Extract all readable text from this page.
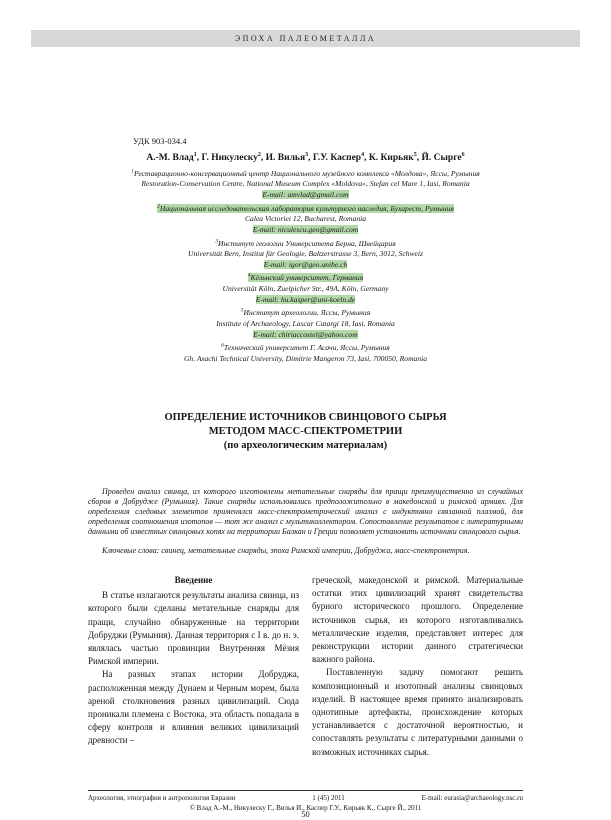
ЭПОХА ПАЛЕОМЕТАЛЛА
УДК 903-034.4
А.-М. Влад$^1$, Г. Никулеску$^2$, И. Вилья$^3$, Г.У. Каспер$^4$, К. Кирьяк$^5$, Й. Сырге$^6$
$^1$Реставрационно-консервационный центр Национального музейного комплекса «Молдова», Яссы, Румыния
Restoration-Conservation Centre, National Museum Complex «Moldova», Stefan cel Mare 1, Iasi, Romania
E-mail: amvlad@gmail.com
$^2$Национальная исследовательская лаборатория культурного наследия, Бухарест, Румыния
Calea Victoriei 12, Bucharest, Romania
E-mail: niculescu.geo@gmail.com
$^3$Институт геологии Университета Берна, Швейцария
Universität Bern, Institut für Geologie, Baltzerstrasse 3, Bern, 3012, Schweiz
E-mail: igor@geo.unibe.ch
$^4$Кёльнский университет, Германия
Universität Köln, Zuelpicher Str., 49A, Köln, Germany
E-mail: hu.kasper@uni-koeln.de
$^5$Институт археологии, Яссы, Румыния
Institute of Archaeology, Lascar Catargi 18, Iasi, Romania
E-mail: chiriaccostel@yahoo.com
$^6$Технический университет Г. Асачи, Яссы, Румыния
Gh. Asachi Technical University, Dimitrie Mangeron 73, Iasi, 700050, Romania
ОПРЕДЕЛЕНИЕ ИСТОЧНИКОВ СВИНЦОВОГО СЫРЬЯ
МЕТОДОМ МАСС-СПЕКТРОМЕТРИИ
(по археологическим материалам)

Проведен анализ свинца, из которого изготовлены метательные снаряды для пращи преимущественно из случайных сборов в Добрудже (Румыния). Такие снаряды использовались предположительно в македонской и римской армиях. Для определения следовых элементов применялся масс-спектрометрический анализ с индуктивно связанной плазмой, для определения соотношения изотопов — тот же анализ с мультиколлектором. Сопоставление результатов с литературными данными об известных свинцовых копях на территории Балкан и Греции позволяет установить источники свинцового сырья.

Ключевые слова: свинец, метательные снаряды, эпоха Римской империи, Добруджа, масс-спектрометрия.

Введение

В статье излагаются результаты анализа свинца, из которого были сделаны метательные снаряды для пращи, случайно обнаруженные на территории Добруджи (Румыния). Данная территория с I в. до н. э. являлась частью провинции Внутренняя Мёзия Римской империи.

На разных этапах истории Добруджа, расположенная между Дунаем и Черным морем, была ареной столкновения разных цивилизаций. Сюда проникали племена с Востока, эта область попадала в сферу контроля и влияния великих цивилизаций древности –

греческой, македонской и римской. Материальные остатки этих цивилизаций хранят свидетельства бурного исторического прошлого. Определение источников сырья, из которого изготавливались металлические изделия, представляет интерес для реконструкции истории данного стратегически важного района.

Поставленную задачу помогают решить композиционный и изотопный анализы свинцовых изделий. В настоящее время принято анализировать однотипные артефакты, происхождение которых устанавливается с достаточной вероятностью, и сопоставлять результаты с литературными данными о возможных источниках сырья.

Археология, этнография и антропология Евразии	1 (45) 2011	E-mail: eurasia@archaeology.nsc.ru
© Влад А.-М., Никулеску Г., Вилья И., Каспер Г.У., Кирьяк К., Сырге Й., 2011
50
